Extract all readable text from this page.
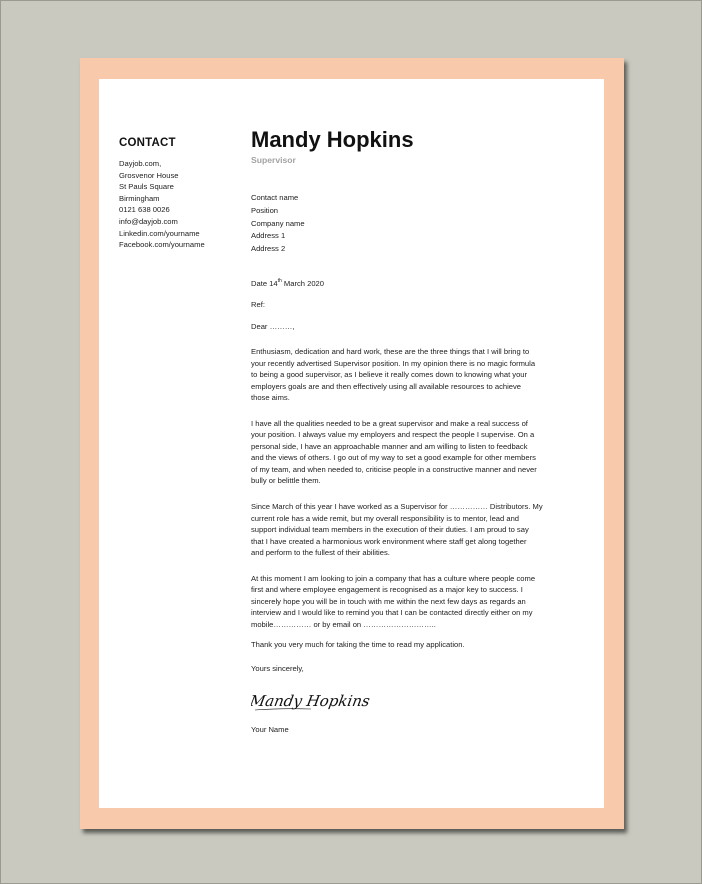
CONTACT
Dayjob.com,
Grosvenor House
St Pauls Square
Birmingham
0121 638 0026
info@dayjob.com
Linkedin.com/yourname
Facebook.com/yourname
Mandy Hopkins
Supervisor
Contact name
Position
Company name
Address 1
Address 2
Date 14th March 2020
Ref:
Dear ………,
Enthusiasm, dedication and hard work, these are the three things that I will bring to
your recently advertised Supervisor position. In my opinion there is no magic formula
to being a good supervisor, as I believe it really comes down to knowing what your
employers goals are and then effectively using all available resources to achieve
those aims.
I have all the qualities needed to be a great supervisor and make a real success of
your position. I always value my employers and respect the people I supervise. On a
personal side, I have an approachable manner and am willing to listen to feedback
and the views of others. I go out of my way to set a good example for other members
of my team, and when needed to, criticise people in a constructive manner and never
bully or belittle them.
Since March of this year I have worked as a Supervisor for …………… Distributors. My
current role has a wide remit, but my overall responsibility is to mentor, lead and
support individual team members in the execution of their duties. I am proud to say
that I have created a harmonious work environment where staff get along together
and perform to the fullest of their abilities.
At this moment I am looking to join a company that has a culture where people come
first and where employee engagement is recognised as a major key to success. I
sincerely hope you will be in touch with me within the next few days as regards an
interview and I would like to remind you that I can be contacted directly either on my
mobile…………… or by email on ………………………..
Thank you very much for taking the time to read my application.
Yours sincerely,
Mandy Hopkins
Your Name
